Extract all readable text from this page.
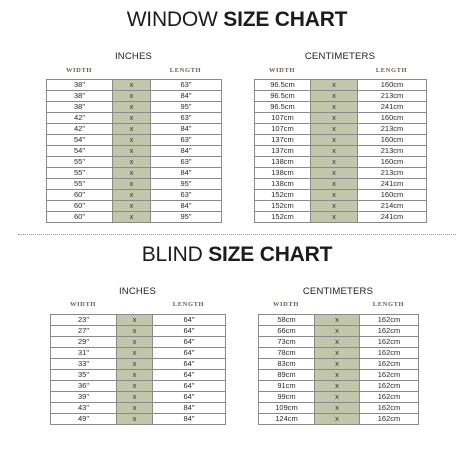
WINDOW SIZE CHART
INCHES	CENTIMETERS
WIDTH	LENGTH	WIDTH	LENGTH
38"	x	63"
38"	x	84"
38"	x	95"
42"	x	63"
42"	x	84"
54"	x	63"
54"	x	84"
55"	x	63"
55"	x	84"
55"	x	95"
60"	x	63"
60"	x	84"
60"	x	95"
96.5cm	x	160cm
96.5cm	x	213cm
96.5cm	x	241cm
107cm	x	160cm
107cm	x	213cm
137cm	x	160cm
137cm	x	213cm
138cm	x	160cm
138cm	x	213cm
138cm	x	241cm
152cm	x	160cm
152cm	x	214cm
152cm	x	241cm
BLIND SIZE CHART
INCHES	CENTIMETERS
WIDTH	LENGTH	WIDTH	LENGTH
23"	x	64"
27"	x	64"
29"	x	64"
31"	x	64"
33"	x	64"
35"	x	64"
36"	x	64"
39"	x	64"
43"	x	84"
49"	x	84"
58cm	x	162cm
66cm	x	162cm
73cm	x	162cm
78cm	x	162cm
83cm	x	162cm
89cm	x	162cm
91cm	x	162cm
99cm	x	162cm
109cm	x	162cm
124cm	x	162cm
